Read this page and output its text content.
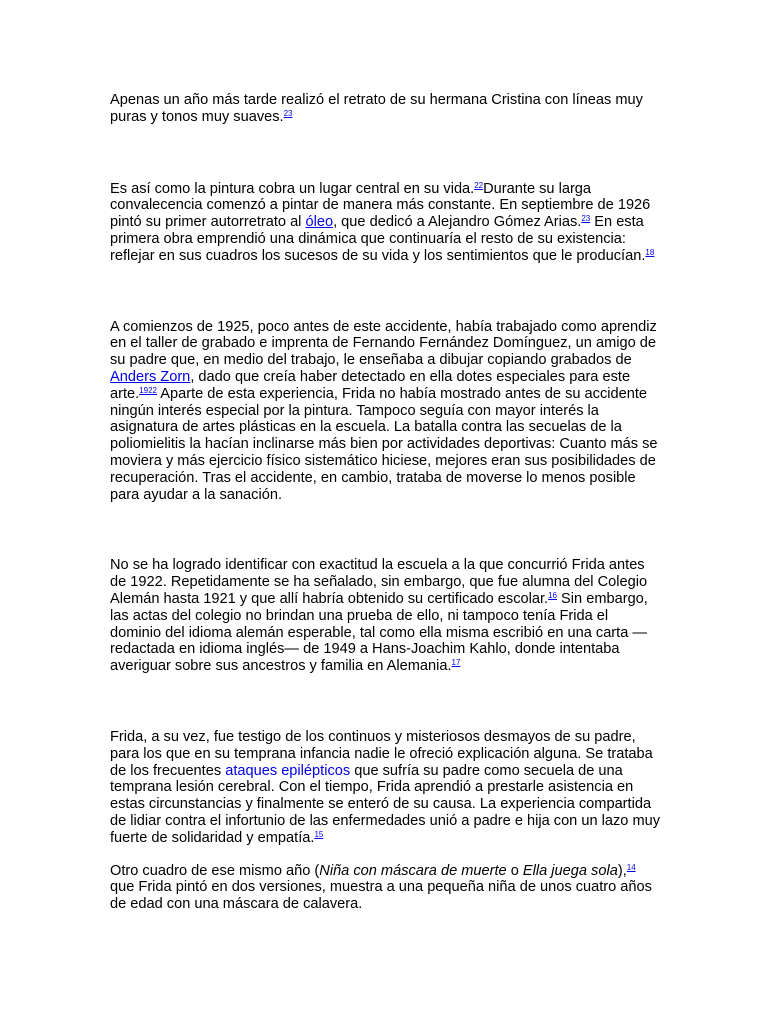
Apenas un año más tarde realizó el retrato de su hermana Cristina con líneas muy puras y tonos muy suaves.$^{23}$

Es así como la pintura cobra un lugar central en su vida.$^{22}$Durante su larga convalecencia comenzó a pintar de manera más constante. En septiembre de 1926 pintó su primer autorretrato al óleo, que dedicó a Alejandro Gómez Arias.$^{23}$ En esta primera obra emprendió una dinámica que continuaría el resto de su existencia: reflejar en sus cuadros los sucesos de su vida y los sentimientos que le producían.$^{18}$

A comienzos de 1925, poco antes de este accidente, había trabajado como aprendiz en el taller de grabado e imprenta de Fernando Fernández Domínguez, un amigo de su padre que, en medio del trabajo, le enseñaba a dibujar copiando grabados de Anders Zorn, dado que creía haber detectado en ella dotes especiales para este arte.$^{1922}$ Aparte de esta experiencia, Frida no había mostrado antes de su accidente ningún interés especial por la pintura. Tampoco seguía con mayor interés la asignatura de artes plásticas en la escuela. La batalla contra las secuelas de la poliomielitis la hacían inclinarse más bien por actividades deportivas: Cuanto más se moviera y más ejercicio físico sistemático hiciese, mejores eran sus posibilidades de recuperación. Tras el accidente, en cambio, trataba de moverse lo menos posible para ayudar a la sanación.

No se ha logrado identificar con exactitud la escuela a la que concurrió Frida antes de 1922. Repetidamente se ha señalado, sin embargo, que fue alumna del Colegio Alemán hasta 1921 y que allí habría obtenido su certificado escolar.$^{16}$ Sin embargo, las actas del colegio no brindan una prueba de ello, ni tampoco tenía Frida el dominio del idioma alemán esperable, tal como ella misma escribió en una carta —redactada en idioma inglés— de 1949 a Hans-Joachim Kahlo, donde intentaba averiguar sobre sus ancestros y familia en Alemania.$^{17}$

Frida, a su vez, fue testigo de los continuos y misteriosos desmayos de su padre, para los que en su temprana infancia nadie le ofreció explicación alguna. Se trataba de los frecuentes ataques epilépticos que sufría su padre como secuela de una temprana lesión cerebral. Con el tiempo, Frida aprendió a prestarle asistencia en estas circunstancias y finalmente se enteró de su causa. La experiencia compartida de lidiar contra el infortunio de las enfermedades unió a padre e hija con un lazo muy fuerte de solidaridad y empatía.$^{15}$

Otro cuadro de ese mismo año (Niña con máscara de muerte o Ella juega sola),$^{14}$ que Frida pintó en dos versiones, muestra a una pequeña niña de unos cuatro años de edad con una máscara de calavera.
